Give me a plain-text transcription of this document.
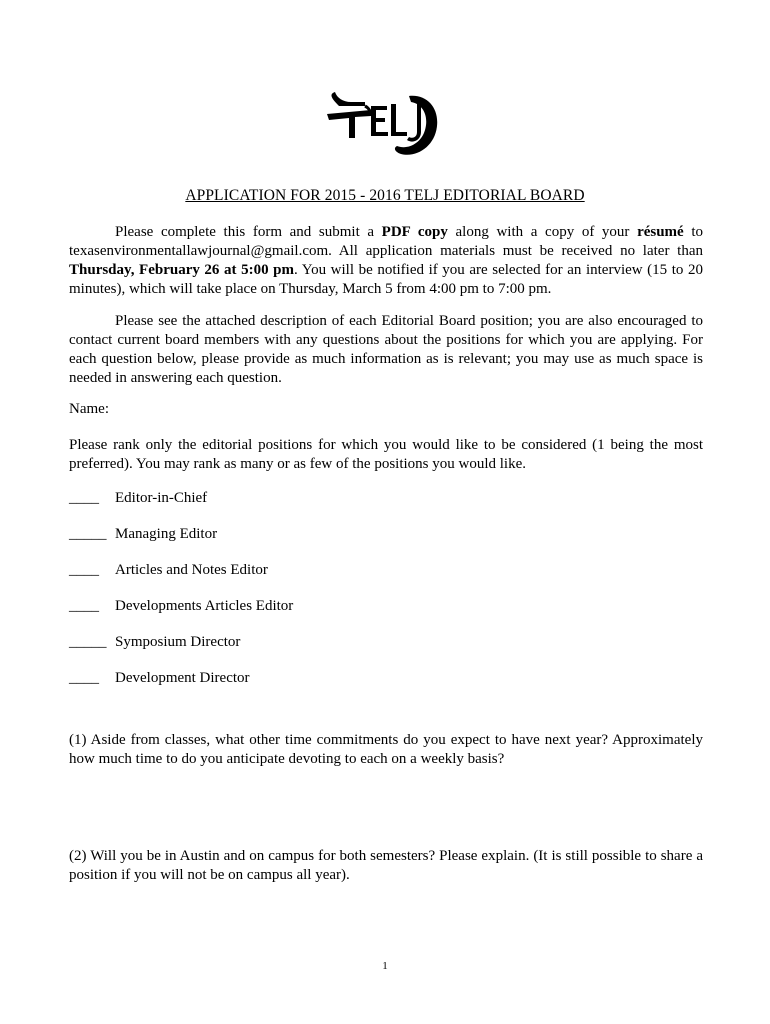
APPLICATION FOR 2015 - 2016 TELJ EDITORIAL BOARD
Please complete this form and submit a PDF copy along with a copy of your résumé to texasenvironmentallawjournal@gmail.com. All application materials must be received no later than Thursday, February 26 at 5:00 pm. You will be notified if you are selected for an interview (15 to 20 minutes), which will take place on Thursday, March 5 from 4:00 pm to 7:00 pm.
Please see the attached description of each Editorial Board position; you are also encouraged to contact current board members with any questions about the positions for which you are applying. For each question below, please provide as much information as is relevant; you may use as much space is needed in answering each question.
Name:
Please rank only the editorial positions for which you would like to be considered (1 being the most preferred). You may rank as many or as few of the positions you would like.
____ Editor-in-Chief
_____ Managing Editor
____ Articles and Notes Editor
____ Developments Articles Editor
_____ Symposium Director
____ Development Director
(1) Aside from classes, what other time commitments do you expect to have next year? Approximately how much time to do you anticipate devoting to each on a weekly basis?
(2) Will you be in Austin and on campus for both semesters? Please explain. (It is still possible to share a position if you will not be on campus all year).
1
